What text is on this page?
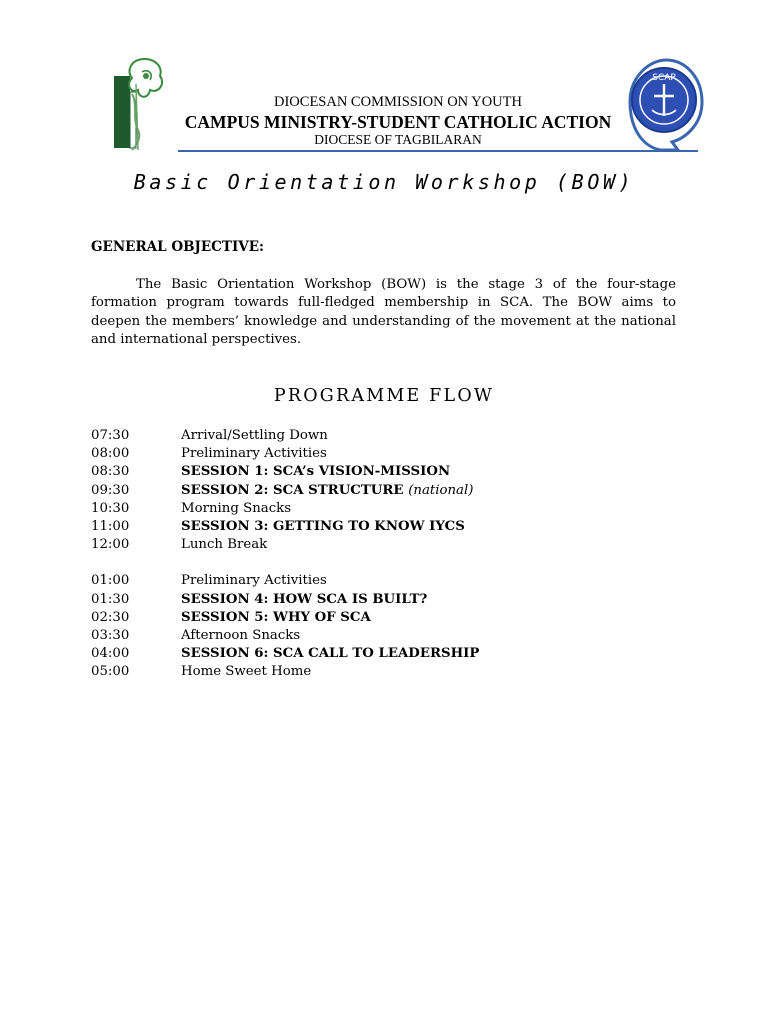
DIOCESAN COMMISSION ON YOUTH
CAMPUS MINISTRY-STUDENT CATHOLIC ACTION
DIOCESE OF TAGBILARAN
SCAP
Basic Orientation Workshop (BOW)
GENERAL OBJECTIVE:
The Basic Orientation Workshop (BOW) is the stage 3 of the four-stage formation program towards full-fledged membership in SCA. The BOW aims to deepen the members’ knowledge and understanding of the movement at the national and international perspectives.
PROGRAMME FLOW
07:30	Arrival/Settling Down
08:00	Preliminary Activities
08:30	SESSION 1: SCA’s VISION-MISSION
09:30	SESSION 2: SCA STRUCTURE (national)
10:30	Morning Snacks
11:00	SESSION 3: GETTING TO KNOW IYCS
12:00	Lunch Break
01:00	Preliminary Activities
01:30	SESSION 4: HOW SCA IS BUILT?
02:30	SESSION 5: WHY OF SCA
03:30	Afternoon Snacks
04:00	SESSION 6: SCA CALL TO LEADERSHIP
05:00	Home Sweet Home
